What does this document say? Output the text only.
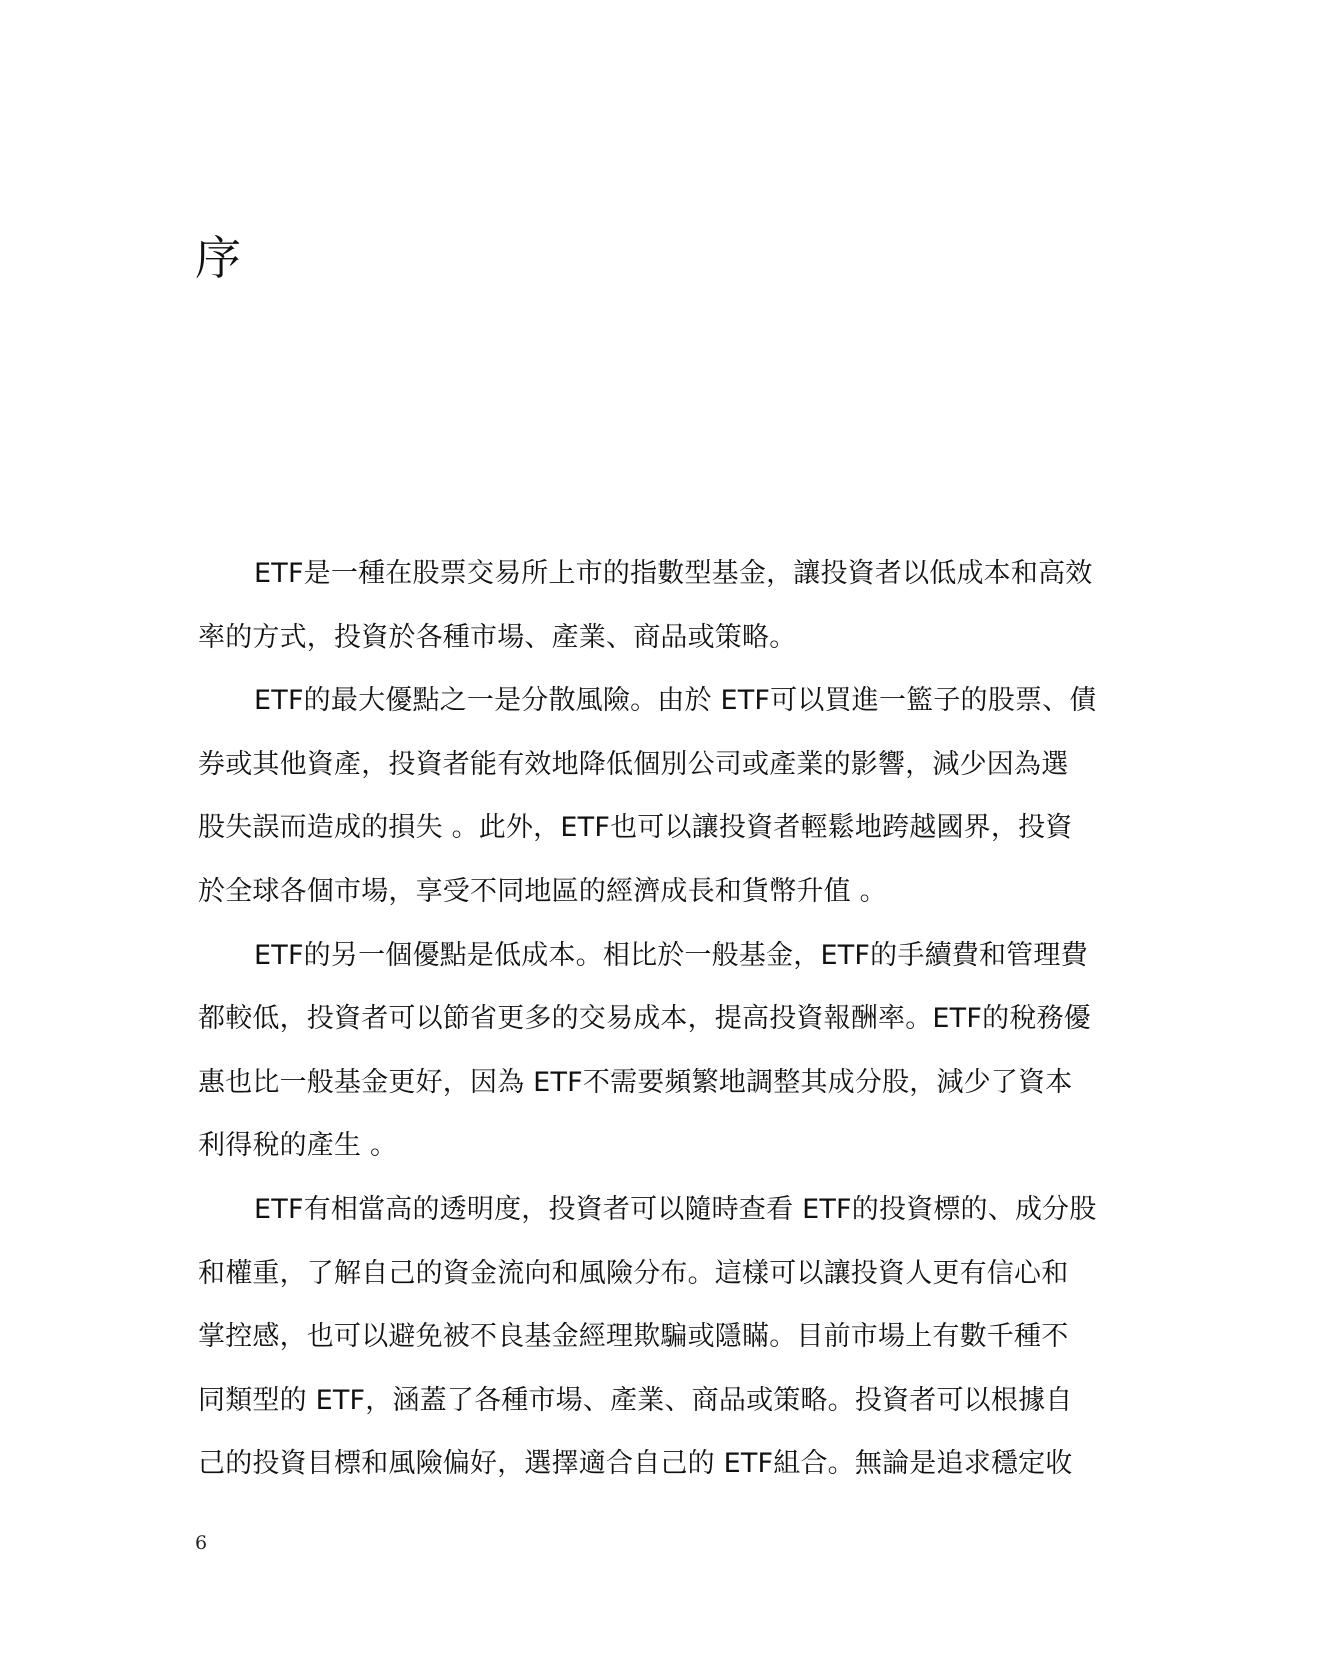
序
ETF是一種在股票交易所上市的指數型基金，讓投資者以低成本和高效
率的方式，投資於各種市場、產業、商品或策略。
ETF的最大優點之一是分散風險。由於 ETF可以買進一籃子的股票、債
券或其他資產，投資者能有效地降低個別公司或產業的影響，減少因為選
股失誤而造成的損失 。此外，ETF也可以讓投資者輕鬆地跨越國界，投資
於全球各個市場，享受不同地區的經濟成長和貨幣升值 。
ETF的另一個優點是低成本。相比於一般基金，ETF的手續費和管理費
都較低，投資者可以節省更多的交易成本，提高投資報酬率。ETF的稅務優
惠也比一般基金更好，因為 ETF不需要頻繁地調整其成分股，減少了資本
利得稅的產生 。
ETF有相當高的透明度，投資者可以隨時查看 ETF的投資標的、成分股
和權重，了解自己的資金流向和風險分布。這樣可以讓投資人更有信心和
掌控感，也可以避免被不良基金經理欺騙或隱瞞。目前市場上有數千種不
同類型的 ETF，涵蓋了各種市場、產業、商品或策略。投資者可以根據自
己的投資目標和風險偏好，選擇適合自己的 ETF組合。無論是追求穩定收
6
